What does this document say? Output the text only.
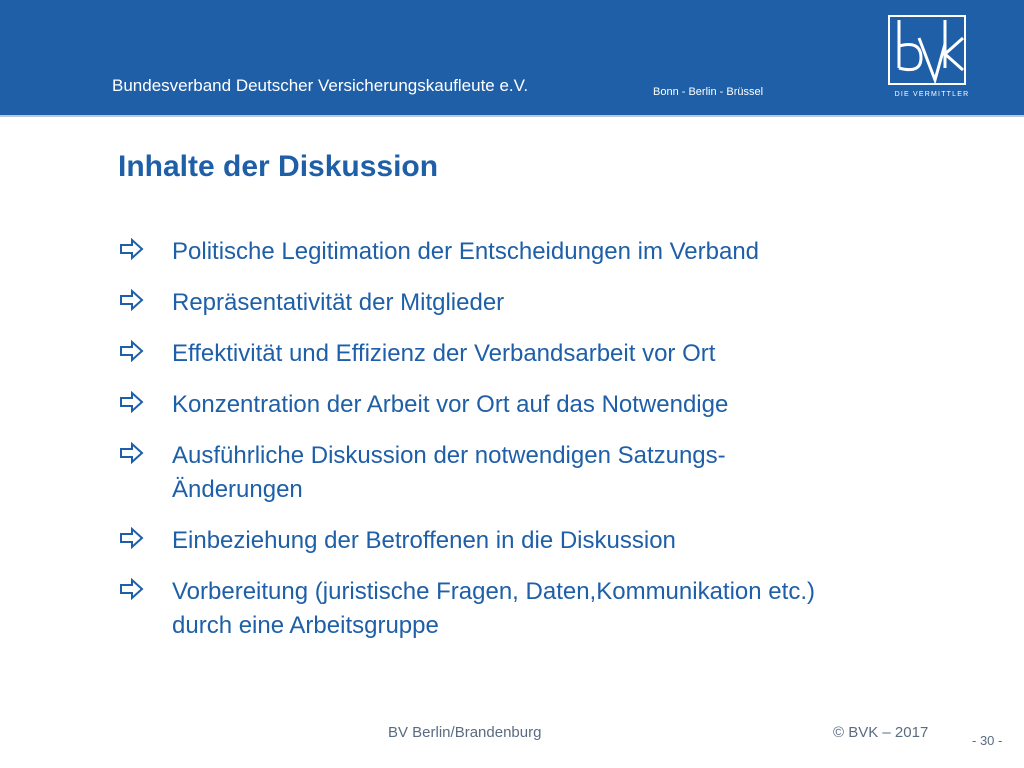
Bundesverband Deutscher Versicherungskaufleute e.V.	Bonn - Berlin - Brüssel	DIE VERMITTLER
Inhalte der Diskussion
Politische Legitimation der Entscheidungen im Verband
Repräsentativität der Mitglieder
Effektivität und Effizienz der Verbandsarbeit vor Ort
Konzentration der Arbeit vor Ort auf das Notwendige
Ausführliche Diskussion der notwendigen Satzungs-
Änderungen
Einbeziehung der Betroffenen in die Diskussion
Vorbereitung (juristische Fragen, Daten,Kommunikation etc.)
durch eine Arbeitsgruppe
BV Berlin/Brandenburg	© BVK – 2017	- 30 -
